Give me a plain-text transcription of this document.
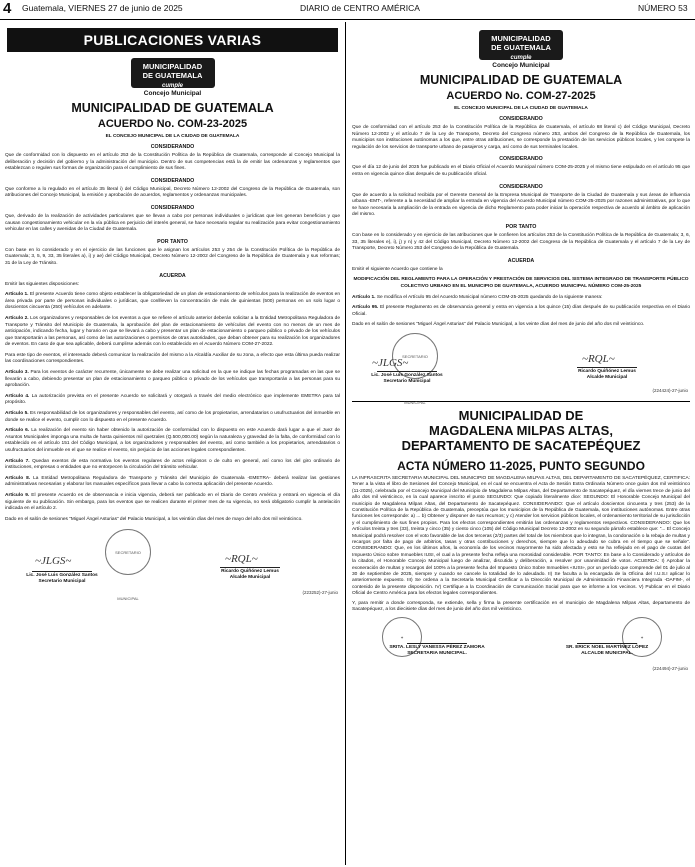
4 Guatemala, VIERNES 27 de junio de 2025	DIARIO de CENTRO AMÉRICA	NÚMERO 53
PUBLICACIONES VARIAS
MUNICIPALIDAD
DE GUATEMALA
cumple
Concejo Municipal
MUNICIPALIDAD DE GUATEMALA
ACUERDO No. COM-23-2025
EL CONCEJO MUNICIPAL DE LA CIUDAD DE GUATEMALA
CONSIDERANDO

Que de conformidad con lo dispuesto en el artículo 253 de la Constitución Política de la República de Guatemala, corresponde al Concejo Municipal la deliberación y decisión del gobierno y la administración del municipio. Dentro de sus competencias está la de emitir las ordenanzas y reglamentos que establezcan o regulen sus formas de organización para el cumplimiento de sus fines.

CONSIDERANDO

Que conforme a lo regulado en el artículo 35 literal i) del Código Municipal, Decreto Número 12-2002 del Congreso de la República de Guatemala, son atribuciones del Concejo Municipal, la emisión y aprobación de acuerdos, reglamentos y ordenanzas municipales.

CONSIDERANDO

Que, derivado de la realización de actividades particulares que se llevan a cabo por personas individuales o jurídicas que les generan beneficios y que causan congestionamiento vehicular en la vía pública en perjuicio del interés general, se hace necesario regular su realización para evitar congestionamiento vehicular en las calles y avenidas de la Ciudad de Guatemala.

POR TANTO

Con base en lo considerado y en el ejercicio de las funciones que le asignan los artículos 253 y 254 de la Constitución Política de la República de Guatemala; 3, 5, 9, 33, 35 literales a), i) y ae) del Código Municipal, Decreto Número 12-2002 del Congreso de la República de Guatemala y sus reformas; 31 de la Ley de Tránsito.

ACUERDA

Emitir las siguientes disposiciones:

Artículo 1. El presente Acuerdo tiene como objeto establecer la obligatoriedad de un plan de estacionamiento de vehículos para la realización de eventos en área privada por parte de personas individuales o jurídicas, que conllleven la concentración de más de quinientas (500) personas en un solo lugar o doscientos cincuenta (250) vehículos en adelante.

Artículo 2. Los organizadores y responsables de los eventos a que se refiere el artículo anterior deberán solicitar a la Entidad Metropolitana Reguladora de Transporte y Tránsito del Municipio de Guatemala, la aprobación del plan de estacionamiento de vehículos del evento con no menos de un mes de anticipación, indicando fecha, lugar y horario en que se llevará a cabo y presentar un plan de estacionamiento o parqueo público o privado de los vehículos que transportarán a las personas, así como de las autorizaciones o permisos de otras autoridades, que deban obtener para su realización los organizadores de eventos. En caso de que sea aplicable, deberá cumplirse además con lo establecido en el Acuerdo Número COM-27-2022.

Para este tipo de eventos, el interesado deberá comunicar la realización del mismo a la Alcaldía Auxiliar de su zona, a efecto que esta última pueda realizar las coordinaciones correspondientes.

Artículo 3. Para los eventos de carácter recurrente, únicamente se debe realizar una solicitud en la que se indique las fechas programadas en las que se llevarán a cabo, debiendo presentar un plan de estacionamiento o parqueo público o privado de los vehículos que transportarán a las personas para su aprobación.

Artículo 4. La autorización prevista en el presente Acuerdo se solicitará y otorgará a través del medio electrónico que implemente EMETRA para tal propósito.

Artículo 5. Es responsabilidad de los organizadores y responsables del evento, así como de los propietarios, arrendatarios o usufructuarios del inmueble en donde se realice el evento, cumplir con lo dispuesto en el presente Acuerdo.

Artículo 6. La realización del evento sin haber obtenido la autorización de conformidad con lo dispuesto en este Acuerdo dará lugar a que el Juez de Asuntos Municipales imponga una multa de hasta quinientos mil quetzales (Q.500,000.00) según la naturaleza y gravedad de la falta, de conformidad con lo establecido en el artículo 151 del Código Municipal, a los organizadores y responsables del evento, así como también a los propietarios, arrendatarios o usufructuarios del inmueble en el que se realice el evento, sin perjuicio de las acciones legales correspondientes.

Artículo 7. Quedan exentos de esta normativa los eventos regulares de actos religiosos o de culto en general, así como los del giro ordinario de instituciones, empresas o entidades que no entorpecen la circulación del tránsito vehicular.

Artículo 8. La Entidad Metropolitana Reguladora de Transporte y Tránsito del Municipio de Guatemala -EMETRA- deberá realizar las gestiones administrativas necesarias y elaborar los manuales específicos para llevar a cabo la correcta aplicación del presente Acuerdo.

Artículo 9. El presente Acuerdo es de observancia e inicia vigencia, deberá ser publicado en el Diario de Centro América y entrará en vigencia el día siguiente de su publicación. Sin embargo, para los eventos que se realicen durante el primer mes de su vigencia, no será obligatorio cumplir la antelación indicada en el artículo 2.

Dado en el salón de sesiones “Miguel Ángel Asturias” del Palacio Municipal, a los veintiún días del mes de mayo del año dos mil veinticinco.

SECRETARIO MUNICIPAL
~JLGS~	~RQL~
Lic. José Luis González Santos
Secretario Municipal
Ricardo Quiñónez Lemus
Alcalde Municipal
(223252)-27-junio
MUNICIPALIDAD
DE GUATEMALA
cumple
Concejo Municipal
MUNICIPALIDAD DE GUATEMALA
ACUERDO No. COM-27-2025
EL CONCEJO MUNICIPAL DE LA CIUDAD DE GUATEMALA
CONSIDERANDO

Que de conformidad con el artículo 253 de la Constitución Política de la República de Guatemala, el artículo 68 literal c) del Código Municipal, Decreto Número 12-2002 y el artículo 7 de la Ley de Transporte, Decreto del Congreso número 253, ambos del Congreso de la República de Guatemala, los municipios son instituciones autónomas a los que, entre otras atribuciones, se corresponde la prestación de los servicios públicos locales, y les compete la regulación de los servicios de transporte urbano de pasajeros y carga, así como de sus terminales locales.

CONSIDERANDO

Que el día 12 de junio del 2025 fue publicado en el Diario Oficial el Acuerdo Municipal número COM-25-2025 y el mismo tiene estipulado en el artículo 95 que entra en vigencia quince días después de su publicación oficial.

CONSIDERANDO

Que de acuerdo a la solicitud recibida por el Gerente General de la Empresa Municipal de Transporte de la Ciudad de Guatemala y sus áreas de influencia urbana -EMT-, referente a la necesidad de ampliar la entrada en vigencia del Acuerdo Municipal número COM-25-2025 por razones administrativas, por lo que se hace necesaria la ampliación de la entrada en vigencia de dicho Reglamento para poder iniciar la operación respectiva de acuerdo al ámbito de aplicación del mismo.

POR TANTO

Con base en lo considerado y en ejercicio de las atribuciones que le confieren los artículos 253 de la Constitución Política de la República de Guatemala; 3, 6, 33, 35 literales e), i), j) y n) y 42 del Código Municipal, Decreto Número 12-2002 del Congreso de la República de Guatemala y el artículo 7 de la Ley de Transporte, Decreto Número 253 del Congreso de la República de Guatemala.

ACUERDA

Emitir el siguiente Acuerdo que contiene la

MODIFICACIÓN DEL REGLAMENTO PARA LA OPERACIÓN Y PRESTACIÓN DE SERVICIOS DEL SISTEMA INTEGRADO DE TRANSPORTE PÚBLICO COLECTIVO URBANO EN EL MUNICIPIO DE GUATEMALA, ACUERDO MUNICIPAL NÚMERO COM-25-2025

Artículo 1. Se modifica el Artículo 95 del Acuerdo Municipal número COM-25-2025 quedando de la siguiente manera:

Artículo 95. El presente Reglamento es de observancia general y entra en vigencia a los quince (15) días después de su publicación respectiva en el Diario Oficial.

Dado en el salón de sesiones “Miguel Ángel Asturias” del Palacio Municipal, a los veinte días del mes de junio del año dos mil veinticinco.

SECRETARIO MUNICIPAL
~JLGS~	~RQL~
Lic. José Luis González Santos
Secretario Municipal
Ricardo Quiñónez Lemus
Alcalde Municipal
(224424)-27-junio
MUNICIPALIDAD DE
MAGDALENA MILPAS ALTAS,
DEPARTAMENTO DE SACATEPÉQUEZ
ACTA NÚMERO 11-2025, PUNTO SEGUNDO

LA INFRASCRITA SECRETARIA MUNICIPAL DEL MUNICIPIO DE MAGDALENA MILPAS ALTAS, DEL DEPARTAMENTO DE SACATEPÉQUEZ, CERTIFICA: Tener a la vista el libro de Sesiones del Concejo Municipal, en el cual se encuentra el Acta de Sesión Extra Ordinaria Número once guion dos mil veinticinco (11-2025), celebrada por el Concejo Municipal del Municipio de Magdalena Milpas Altas, del Departamento de Sacatepéquez, el día viernes trece de junio del año dos mil veinticinco, en la cual aparece inscrito el punto SEGUNDO: Que copiado literalmente dice: SEGUNDO: El Honorable Concejo Municipal del municipio de Magdalena Milpas Altas, del Departamento de Sacatepéquez. CONSIDERANDO: Que el artículo doscientos cincuenta y tres (253) de la Constitución Política de la República de Guatemala, preceptúa que los municipios de la República de Guatemala, son instituciones autónomas. Entre otras funciones les corresponde: a) ... b) Obtener y disponer de sus recursos; y c) Atender los servicios públicos locales, el ordenamiento territorial de su jurisdicción y el cumplimiento de sus fines propios. Para los efectos correspondientes emitirán las ordenanzas y reglamentos respectivos. CONSIDERANDO: Que los Artículos treinta y tres (33), treinta y cinco (35) y ciento cinco (105) del Código Municipal Decreto 12-2002 en su segundo párrafo establece que: “... El Concejo Municipal podrá resolver con el voto favorable de las dos terceras (2/3) partes del total de los miembros que lo integran, la condonación o la rebaja de multas y recargos por falta de pago de arbitrios, tasas y otras contribuciones y derechos, siempre que lo adeudado se cubra en el tiempo que se señale”. CONSIDERANDO: Que, en los últimos años, la economía de los vecinos mayormente ha sido afectada y esto se ha reflejado en el pago de cuotas del Impuesto Único sobre Inmuebles IUSI, el cual a la presente fecha refleja una morosidad considerable. POR TANTO: En base a lo Considerado y artículos de la citados, el Honorable Concejo Municipal luego de analizar, discutida y deliberación, a resolver por unanimidad de votos. ACUERDA: I) Aprobar la exoneración de multas y recargos del 100% a la presente fecha del Impuesto Único Sobre Inmuebles «IUSI», por un período que comprende del 01 de julio al 30 de septiembre de 2025, siempre y cuando se cancele la totalidad de lo adeudado. II) Se faculta a la encargada de la Oficina del I.U.S.I aplicar lo anteriormente expuesto. III) Se ordena a la Secretaría Municipal Certificar a la Dirección Municipal de Administración Financiera Integrada -DAFIM-, el contenido de la presente disposición. IV) Certifique a la Coordinación de Comunicación Social para que se informe a los vecinos. V) Publicar en el Diario Oficial de Centro América para los efectos legales correspondientes.

Y, para remitir a donde corresponda, se extiende, sella y firma la presente certificación en el municipio de Magdalena Milpas Altas, departamento de Sacatepéquez, a los diecisiete días del mes de junio del año dos mil veinticinco.

✦	✦
SRITA. LESLY VANESSA PÉREZ ZAMORA
SECRETARIA MUNICIPAL.
SR. ERICK NOEL MARTÍNEZ LÓPEZ
ALCALDE MUNICIPAL.
(224494)-27-junio
